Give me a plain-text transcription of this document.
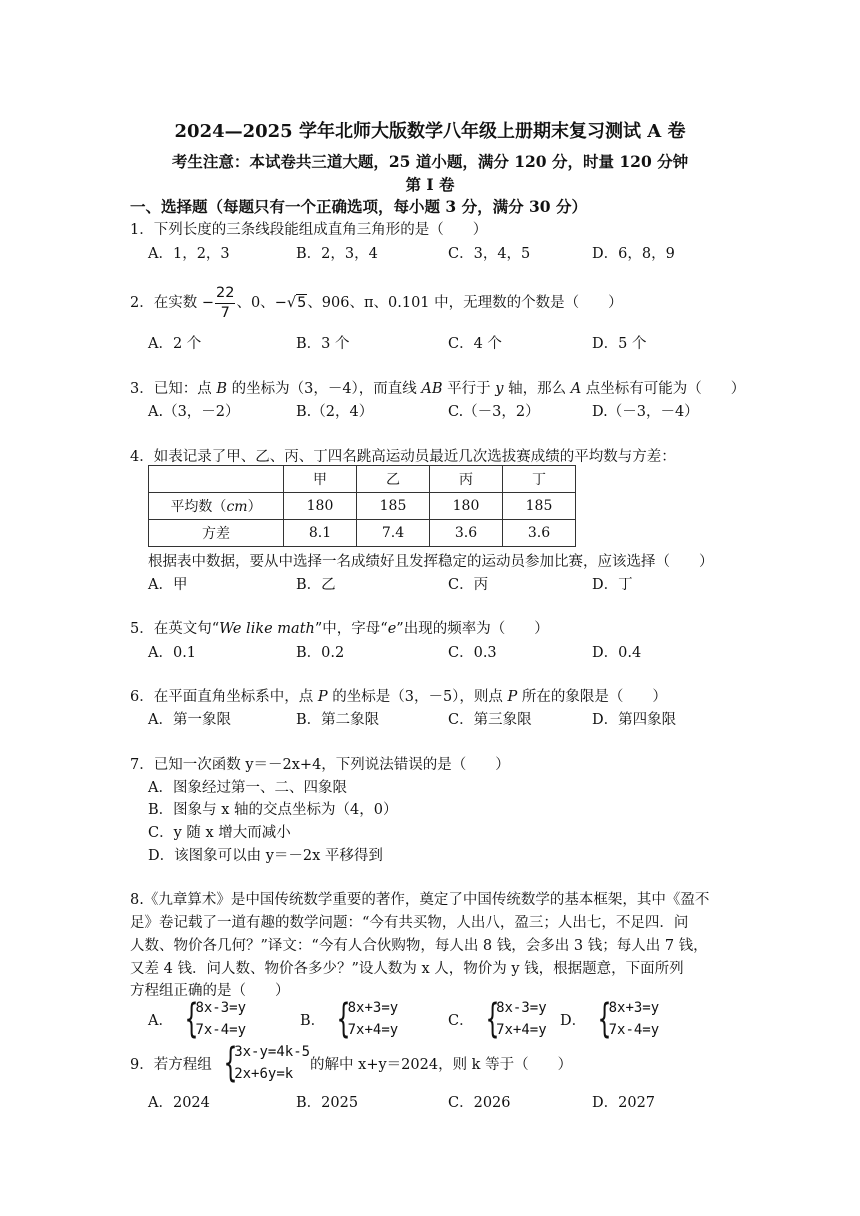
2024—2025 学年北师大版数学八年级上册期末复习测试 A 卷
考生注意：本试卷共三道大题，25 道小题，满分 120 分，时量 120 分钟
第 I 卷
一、选择题（每题只有一个正确选项，每小题 3 分，满分 30 分）
1．下列长度的三条线段能组成直角三角形的是（　　）
A．1，2，3	B．2，3，4	C．3，4，5	D．6，8，9
2．在实数 − $\frac{22}{7}$ 、0、−√5、906、π、0.101 中，无理数的个数是（　　）
A．2 个	B．3 个	C．4 个	D．5 个
3．已知：点 B 的坐标为（3，－4），而直线 AB 平行于 y 轴，那么 A 点坐标有可能为（　　）
A.（3，－2）	B.（2，4）	C.（－3，2）	D.（－3，－4）
4．如表记录了甲、乙、丙、丁四名跳高运动员最近几次选拔赛成绩的平均数与方差：
	甲	乙	丙	丁
平均数（cm）	180	185	180	185
方差	8.1	7.4	3.6	3.6
根据表中数据，要从中选择一名成绩好且发挥稳定的运动员参加比赛，应该选择（　　）
A．甲	B．乙	C．丙	D．丁
5．在英文句“We like math”中，字母“e”出现的频率为（　　）
A．0.1	B．0.2	C．0.3	D．0.4
6．在平面直角坐标系中，点 P 的坐标是（3，－5），则点 P 所在的象限是（　　）
A．第一象限	B．第二象限	C．第三象限	D．第四象限
7．已知一次函数 y＝－2x+4，下列说法错误的是（　　）
A．图象经过第一、二、四象限
B．图象与 x 轴的交点坐标为（4，0）
C．y 随 x 增大而减小
D．该图象可以由 y＝－2x 平移得到
8.《九章算术》是中国传统数学重要的著作，奠定了中国传统数学的基本框架，其中《盈不
足》卷记载了一道有趣的数学问题：“今有共买物，人出八，盈三；人出七，不足四．问
人数、物价各几何？”译文：“今有人合伙购物，每人出 8 钱，会多出 3 钱；每人出 7 钱，
又差 4 钱．问人数、物价各多少？”设人数为 x 人，物价为 y 钱，根据题意，下面所列
方程组正确的是（　　）
A． {
8x-3=y
7x-4=y
B． {
8x+3=y
7x+4=y
C． {
8x-3=y
7x+4=y
D． {
8x+3=y
7x-4=y
9．若方程组 {
3x-y=4k-5
2x+6y=k
的解中 x+y＝2024，则 k 等于（　　）
A．2024	B．2025	C．2026	D．2027
